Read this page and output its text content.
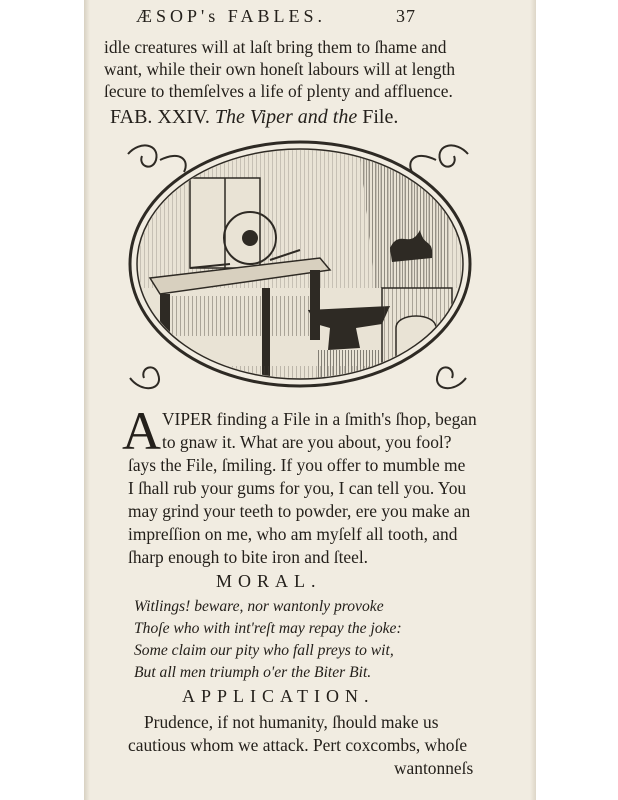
ÆSOP's FABLES.	37
idle creatures will at laſt bring them to ſhame and
want, while their own honeſt labours will at length
ſecure to themſelves a life of plenty and affluence.
FAB. XXIV. The Viper and the File.
A VIPER finding a File in a ſmith's ſhop, began
to gnaw it. What are you about, you fool?
ſays the File, ſmiling. If you offer to mumble me
I ſhall rub your gums for you, I can tell you. You
may grind your teeth to powder, ere you make an
impreſſion on me, who am myſelf all tooth, and
ſharp enough to bite iron and ſteel.
MORAL.
Witlings! beware, nor wantonly provoke
Thoſe who with int'reſt may repay the joke:
Some claim our pity who fall preys to wit,
But all men triumph o'er the Biter Bit.
APPLICATION.
Prudence, if not humanity, ſhould make us
cautious whom we attack. Pert coxcombs, whoſe
wantonneſs
